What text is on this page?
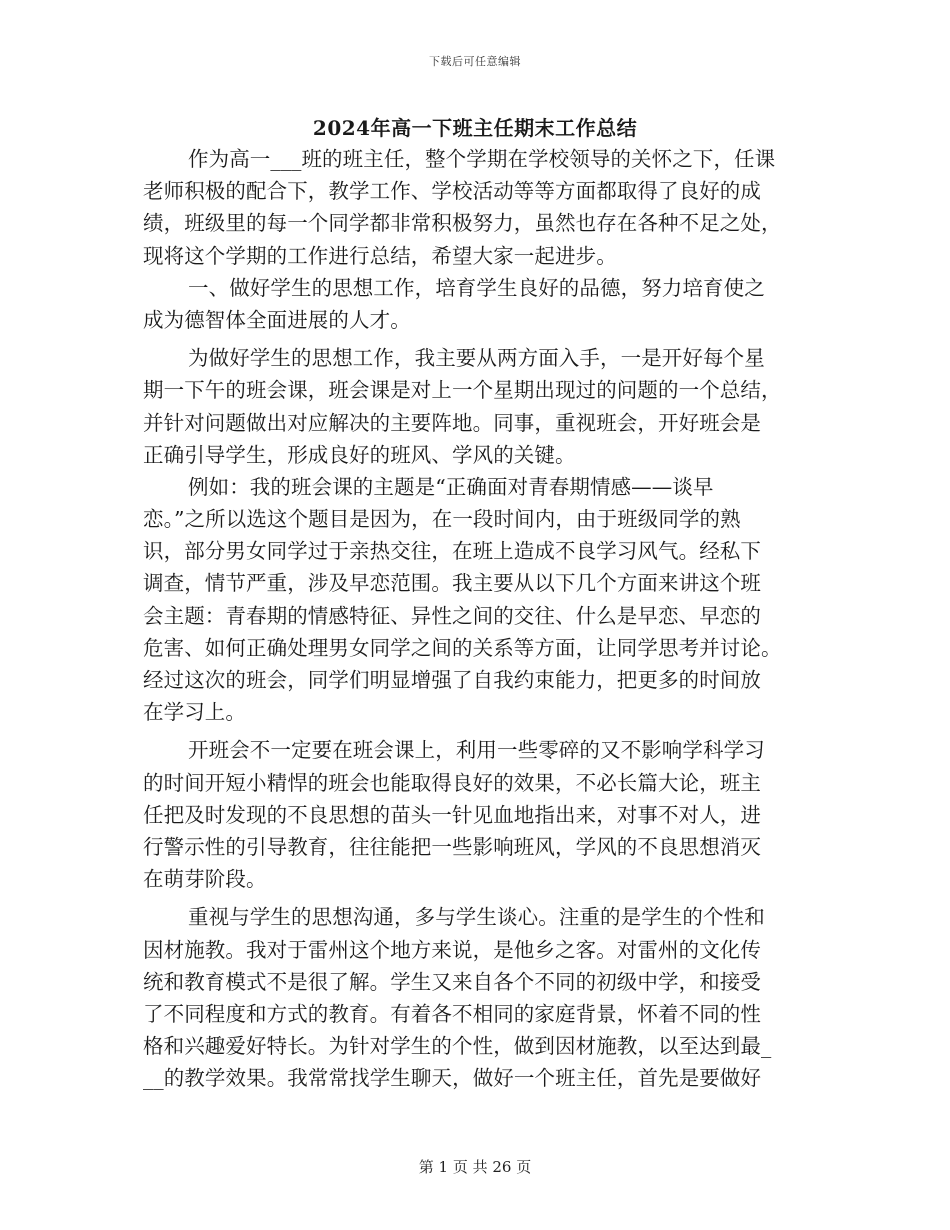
下载后可任意编辑
2024年高一下班主任期末工作总结
作为高一___班的班主任，整个学期在学校领导的关怀之下，任课
老师积极的配合下，教学工作、学校活动等等方面都取得了良好的成
绩，班级里的每一个同学都非常积极努力，虽然也存在各种不足之处，
现将这个学期的工作进行总结，希望大家一起进步。
一、做好学生的思想工作，培育学生良好的品德，努力培育使之
成为德智体全面进展的人才。
为做好学生的思想工作，我主要从两方面入手，一是开好每个星
期一下午的班会课，班会课是对上一个星期出现过的问题的一个总结，
并针对问题做出对应解决的主要阵地。同事，重视班会，开好班会是
正确引导学生，形成良好的班风、学风的关键。
例如：我的班会课的主题是“正确面对青春期情感——谈早
恋。”之所以选这个题目是因为，在一段时间内，由于班级同学的熟
识，部分男女同学过于亲热交往，在班上造成不良学习风气。经私下
调查，情节严重，涉及早恋范围。我主要从以下几个方面来讲这个班
会主题：青春期的情感特征、异性之间的交往、什么是早恋、早恋的
危害、如何正确处理男女同学之间的关系等方面，让同学思考并讨论。
经过这次的班会，同学们明显增强了自我约束能力，把更多的时间放
在学习上。
开班会不一定要在班会课上，利用一些零碎的又不影响学科学习
的时间开短小精悍的班会也能取得良好的效果，不必长篇大论，班主
任把及时发现的不良思想的苗头一针见血地指出来，对事不对人，进
行警示性的引导教育，往往能把一些影响班风，学风的不良思想消灭
在萌芽阶段。
重视与学生的思想沟通，多与学生谈心。注重的是学生的个性和
因材施教。我对于雷州这个地方来说，是他乡之客。对雷州的文化传
统和教育模式不是很了解。学生又来自各个不同的初级中学，和接受
了不同程度和方式的教育。有着各不相同的家庭背景，怀着不同的性
格和兴趣爱好特长。为针对学生的个性，做到因材施教，以至达到最_
__的教学效果。我常常找学生聊天，做好一个班主任，首先是要做好
第 1 页 共 26 页
